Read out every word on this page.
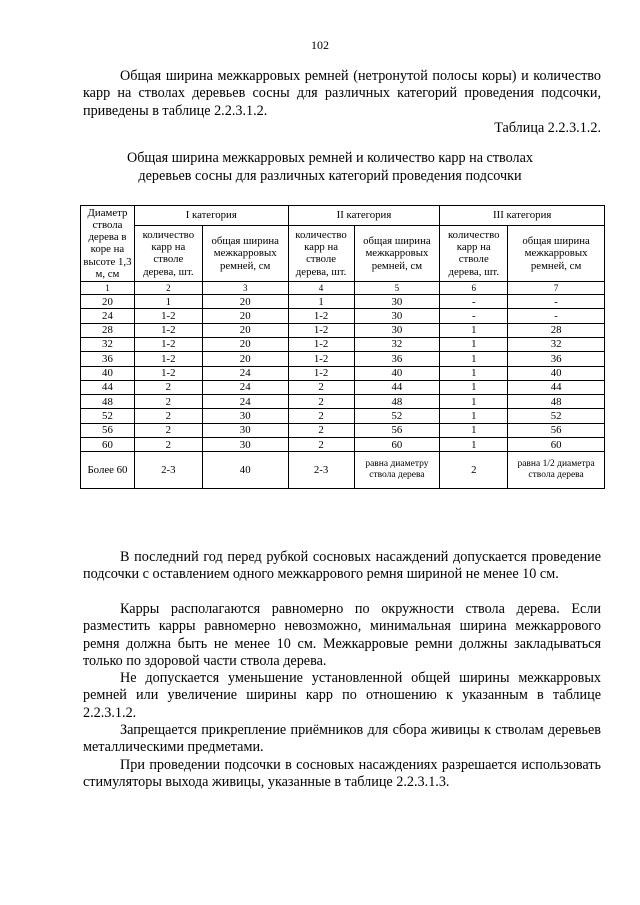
102

Общая ширина межкарровых ремней (нетронутой полосы коры) и количество карр на стволах деревьев сосны для различных категорий проведения подсочки, приведены в таблице 2.2.3.1.2.

Таблица 2.2.3.1.2.

Общая ширина межкарровых ремней и количество карр на стволах
деревьев сосны для различных категорий проведения подсочки

Диаметр ствола дерева в коре на высоте 1,3 м, см	I категория		II категория		III категория	
	количество карр на стволе дерева, шт.	общая ширина межкарровых ремней, см	количество карр на стволе дерева, шт.	общая ширина межкарровых ремней, см	количество карр на стволе дерева, шт.	общая ширина межкарровых ремней, см
1	2	3	4	5	6	7
20	1	20	1	30	-	-
24	1-2	20	1-2	30	-	-
28	1-2	20	1-2	30	1	28
32	1-2	20	1-2	32	1	32
36	1-2	20	1-2	36	1	36
40	1-2	24	1-2	40	1	40
44	2	24	2	44	1	44
48	2	24	2	48	1	48
52	2	30	2	52	1	52
56	2	30	2	56	1	56
60	2	30	2	60	1	60
Более 60	2-3	40	2-3	равна диаметру ствола дерева	2	равна 1/2 диаметра ствола дерева

В последний год перед рубкой сосновых насаждений допускается проведение подсочки с оставлением одного межкаррового ремня шириной не менее 10 см.

Карры располагаются равномерно по окружности ствола дерева. Если разместить карры равномерно невозможно, минимальная ширина межкаррового ремня должна быть не менее 10 см. Межкарровые ремни должны закладываться только по здоровой части ствола дерева.

Не допускается уменьшение установленной общей ширины межкарровых ремней или увеличение ширины карр по отношению к указанным в таблице 2.2.3.1.2.

Запрещается прикрепление приёмников для сбора живицы к стволам деревьев металлическими предметами.

При проведении подсочки в сосновых насаждениях разрешается использовать стимуляторы выхода живицы, указанные в таблице 2.2.3.1.3.
